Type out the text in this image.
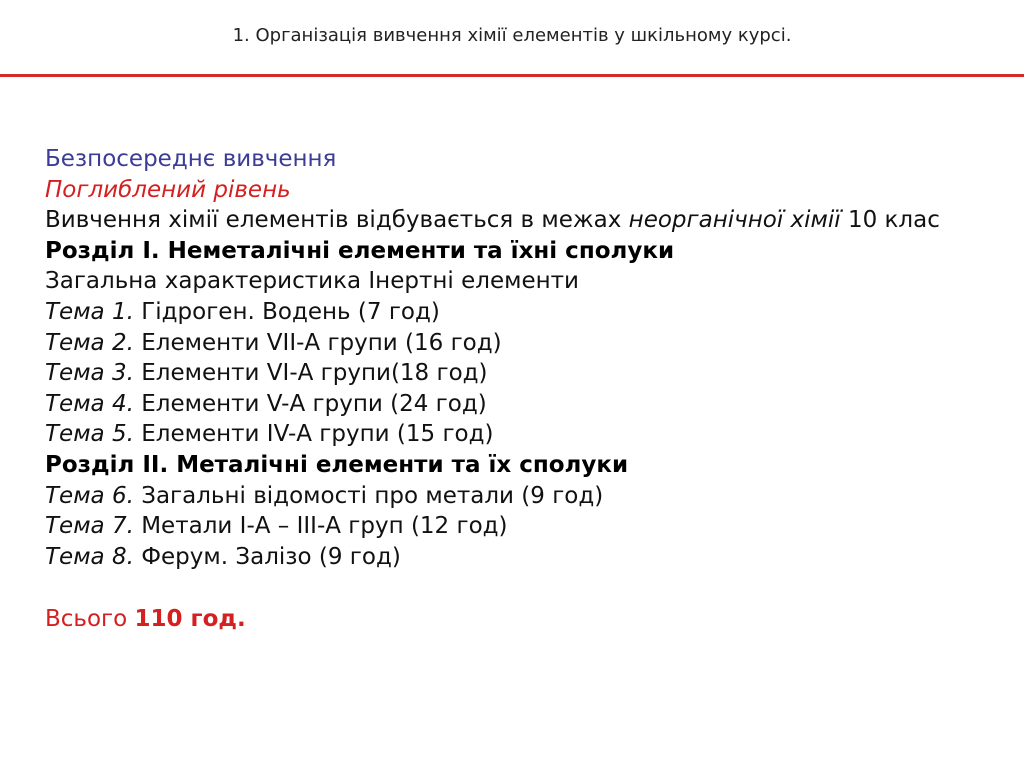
1. Організація вивчення хімії елементів у шкільному курсі.
Безпосереднє вивчення
Поглиблений рівень
Вивчення хімії елементів відбувається в межах неорганічної хімії 10 клас
Розділ I. Неметалічні елементи та їхні сполуки
Загальна характеристика Інертні елементи
Тема 1. Гідроген. Водень (7 год)
Тема 2. Елементи VII-А групи (16 год)
Тема 3. Елементи VI-А групи(18 год)
Тема 4. Елементи V-А групи (24 год)
Тема 5. Елементи IV-А групи (15 год)
Розділ II. Металічні елементи та їх сполуки
Тема 6. Загальні відомості про метали (9 год)
Тема 7. Метали I-А – III-А груп (12 год)
Тема 8. Ферум. Залізо (9 год)
Всього 110 год.
